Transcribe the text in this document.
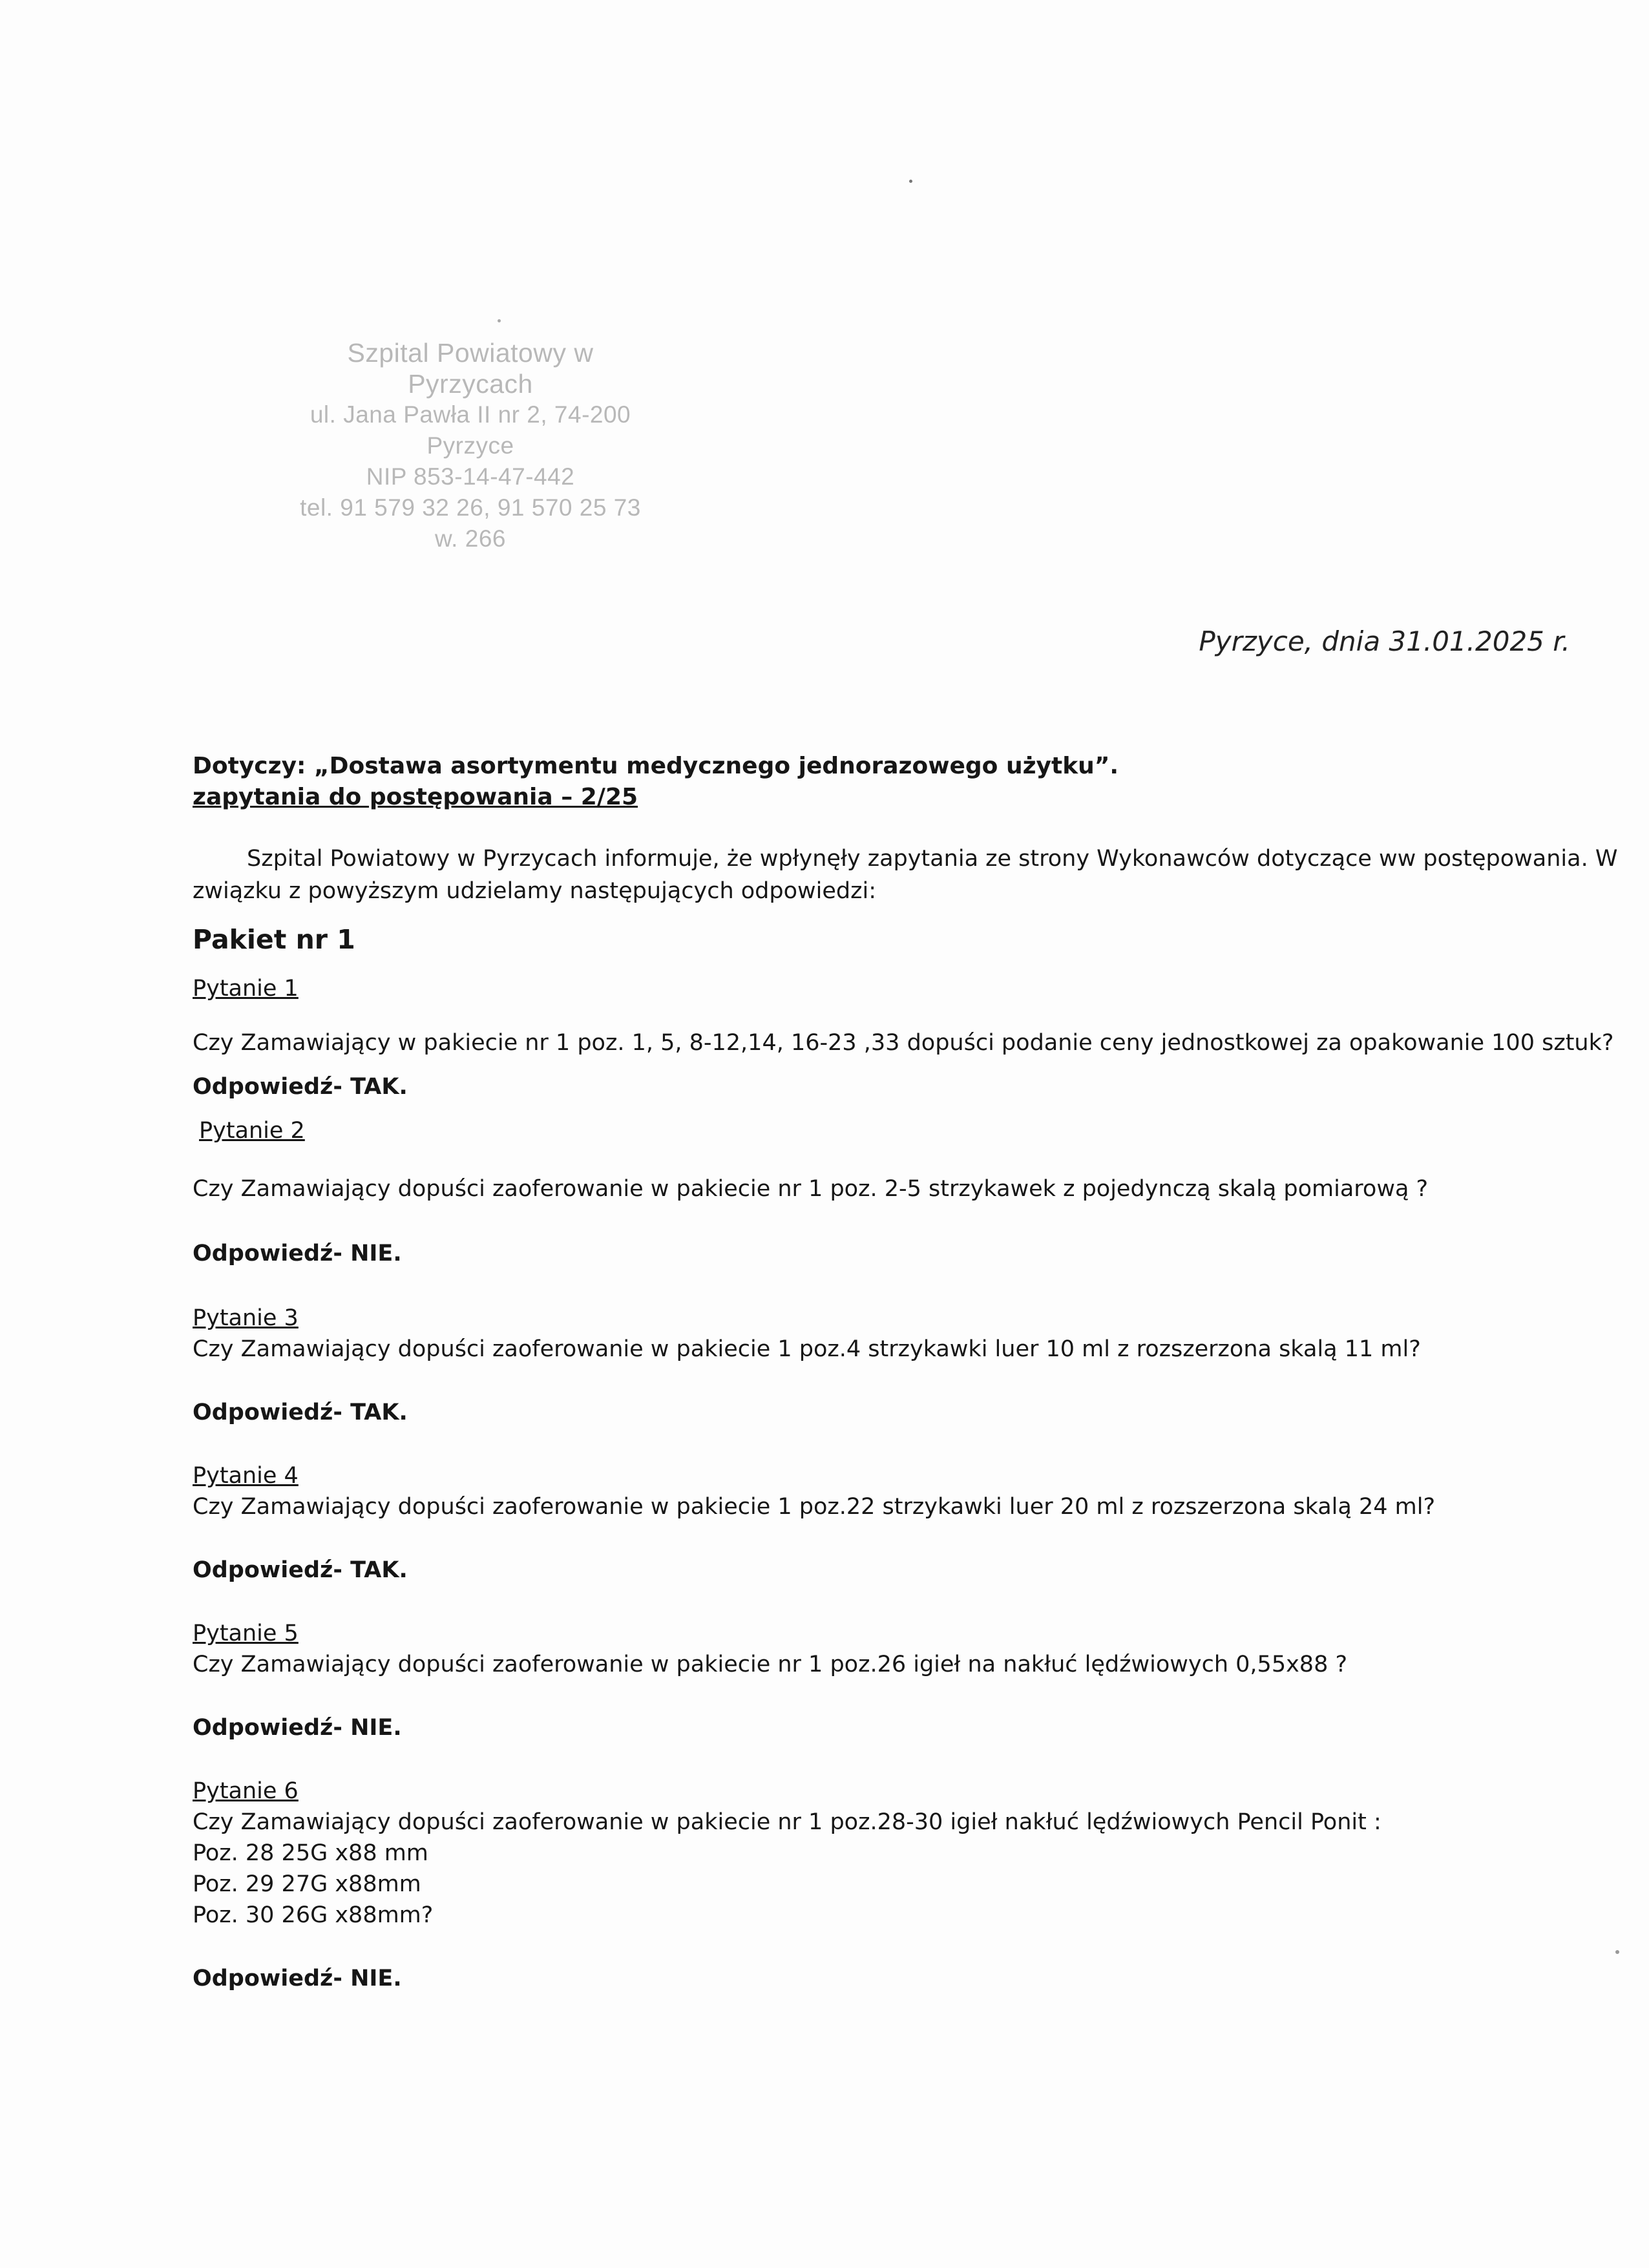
Szpital Powiatowy w Pyrzycach
ul. Jana Pawła II nr 2, 74-200 Pyrzyce
NIP 853-14-47-442
tel. 91 579 32 26, 91 570 25 73 w. 266
Pyrzyce, dnia 31.01.2025 r.
Dotyczy: „Dostawa asortymentu medycznego jednorazowego użytku”.
zapytania do postępowania – 2/25
Szpital Powiatowy w Pyrzycach informuje, że wpłynęły zapytania ze strony Wykonawców dotyczące ww postępowania. W
związku z powyższym udzielamy następujących odpowiedzi:
Pakiet nr 1
Pytanie 1
Czy Zamawiający w pakiecie nr 1 poz. 1, 5, 8-12,14, 16-23 ,33 dopuści podanie ceny jednostkowej za opakowanie 100 sztuk?
Odpowiedź- TAK.
Pytanie 2
Czy Zamawiający dopuści zaoferowanie w pakiecie nr 1 poz. 2-5 strzykawek z pojedynczą skalą pomiarową ?
Odpowiedź- NIE.
Pytanie 3
Czy Zamawiający dopuści zaoferowanie w pakiecie 1 poz.4 strzykawki luer 10 ml z rozszerzona skalą 11 ml?
Odpowiedź- TAK.
Pytanie 4
Czy Zamawiający dopuści zaoferowanie w pakiecie 1 poz.22 strzykawki luer 20 ml z rozszerzona skalą 24 ml?
Odpowiedź- TAK.
Pytanie 5
Czy Zamawiający dopuści zaoferowanie w pakiecie nr 1 poz.26 igieł na nakłuć lędźwiowych 0,55x88 ?
Odpowiedź- NIE.
Pytanie 6
Czy Zamawiający dopuści zaoferowanie w pakiecie nr 1 poz.28-30 igieł nakłuć lędźwiowych Pencil Ponit :
Poz. 28 25G x88 mm
Poz. 29 27G x88mm
Poz. 30 26G x88mm?
Odpowiedź- NIE.
